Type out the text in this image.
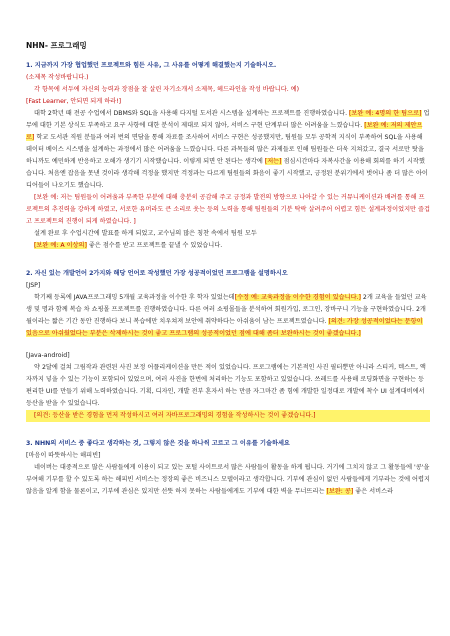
NHN- 프로그래밍
1. 지금까지 가장 협업했던 프로젝트와 힘든 사유, 그 사유를 어떻게 해결했는지 기술하시오.
(소제목 작성바랍니다.)

각 항목에 서두에 자신의 능력과 장점을 잘 살린 자기소개서 소제목, 헤드라인을 작성 바랍니다. 예)

[Fast Learner, 안되면 되게 하라!]

대학 2학년 때 전공 수업에서 DBMS와 SQL을 사용해 다지털 도서관 시스템을 설계하는 프로젝트를 진행하였습니다. [보완 예: 4명의 한 팀으로] 업무에 대한 기본 상식도 부족하고 요구 사항에 대한 분석이 제대로 되지 않아, 서비스 구현 단계부터 많은 어려움을 느꼈습니다. [보완 예: 저의 제안으로] 학교 도서관 직원 분들과 여러 번의 면담을 통해 자료를 조사하여 서비스 구현은 성공했지만, 팀원들 모두 공학적 지식이 부족하여 SQL을 사용해 데이터 베이스 시스템을 설계하는 과정에서 많은 어려움을 느꼈습니다. 다른 과목들의 많은 과제들로 인해 팀원들은 더욱 지쳐갔고, 결국 서로만 탓을 하니까도 예민하게 반응하고 오해가 생기기 시작했습니다. 이렇게 되면 안 된다는 생각에 [저는] 점심시간마다 자복사간을 이용해 회의를 하기 시작했습니다. 처음엔 잡음을 못낸 것이라 생각해 걱정을 했지만 걱정과는 다르게 팀원들의 화음이 좋기 시작했고, 긍정된 분위기에서 벗어나 좀 더 많은 아이디어들이 나오기도 했습니다.

[보완 예: 저는 팀원들이 어려움과 부족한 부분에 대해 충분히 공감해 주고 긍정과 발전의 방향으로 나아갈 수 있는 커뮤니케이션과 배려를 통해 프로젝트의 추진력을 강하게 하였고, 서로한 유머라도 큰 소리로 웃는 등의 노력을 통해 팀원들의 기분 탁락 살려주어 어렵고 힘든 설계과정이었지만 즐겁고 프로젝트의 진행이 되게 하였습니다. ]

설계 완료 후 수업시간에 발표를 하게 되었고, 교수님의 많은 칭찬 속에서 팀원 모두

[보완 예: A 이상의] 좋은 점수를 받고 프로젝트를 끝낼 수 있었습니다.

2. 자신 있는 개발언어 2가지와 해당 언어로 작성했던 가장 성공적이었던 프로그램을 설명하시오
[JSP]

학기째 등록에 JAVA프로그래밍 5개월 교육과정을 이수한 후 학자 있었는데[수정 예: 교육과정을 이수한 경험이 있습니다.] 2개 교육을 들었던 교육생 및 명과 함께 복습 차 쇼핑몰 프로젝트를 진행하였습니다. 다른 여러 쇼핑몰들을 분석하여 회원가입, 로그인, 장바구니 기능을 구현하였습니다. 2개월이라는 짧은 기간 동안 진행하다 보니 복습에만 치우쳐져 보안에 취약하다는 아쉬움이 남는 프로젝트였습니다. [의견: 가장 성공적이었다는 문항이 있음으로 아쉬웠었다는 부분은 삭제하시는 것이 좋고 프로그램의 성공적이었던 점에 대해 좀더 보완하시는 것이 좋겠습니다.]

[Java-android]

약 2달에 걸쳐 그림작과 관련된 사진 보정 어플리케이션을 만든 적이 있었습니다. 프로그램에는 기본적인 사진 필터뿐만 아니라 스티커, 텍스트, 액자까지 넣을 수 있는 기능이 포함되어 있었으며, 여러 사진을 한번에 처리하는 기능도 포함하고 있었습니다. 쓰레드를 사용해 로딩화면을 구현하는 등 편리한 UI를 만들기 위해 노력하였습니다. 기획, 디자인, 개발 전부 혼자서 하는 만큼 자그마간 좀 힘에 개발한 일정대로 개발에 착수 UI 설계대비에서 등산을 받을 수 있었습니다.

[의견: 등산을 받은 경험을 먼저 작성하시고 여러 자바프로그래밍의 경험을 작성하시는 것이 좋겠습니다.]

3. NHN의 서비스 중 좋다고 생각하는 것, 그렇지 않은 것을 하나씩 고르고 그 이유를 기술하세요
[마음이 따뜻하시는 해피빈]

네이버는 대중적으로 많은 사람들에게 이용이 되고 있는 포털 사이트로서 많은 사람들이 활동을 하게 됩니다. 거기에 그치지 않고 그 활동들에 '콩'을 부여해 기부를 할 수 있도록 하는 해피빈 서비스는 정장의 좋은 비즈니스 모델이라고 생각합니다. 기부에 관심이 없던 사람들에게 기부라는 것에 어렵지 않음을 알게 함을 물론이고, 기부에 관심은 있지만 선뜻 하지 못하는 사람들에게도 기부에 대한 벽을 무너뜨리는 [보완: 콩] 좋은 서비스라
